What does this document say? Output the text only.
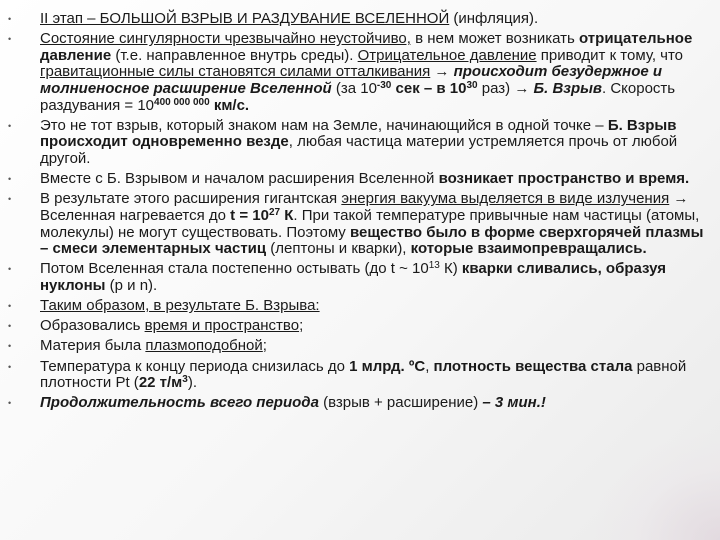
• II этап – БОЛЬШОЙ ВЗРЫВ И РАЗДУВАНИЕ ВСЕЛЕННОЙ (инфляция).
• Состояние сингулярности чрезвычайно неустойчиво, в нем может возникать отрицательное давление (т.е. направленное внутрь среды). Отрицательное давление приводит к тому, что гравитационные силы становятся силами отталкивания → происходит безудержное и молниеносное расширение Вселенной (за $10^{-30}$ сек – в $10^{30}$ раз) → Б. Взрыв. Скорость раздувания = $10^{400 000 000}$ км/с.
• Это не тот взрыв, который знаком нам на Земле, начинающийся в одной точке – Б. Взрыв происходит одновременно везде, любая частица материи устремляется прочь от любой другой.
• Вместе с Б. Взрывом и началом расширения Вселенной возникает пространство и время.
• В результате этого расширения гигантская энергия вакуума выделяется в виде излучения → Вселенная нагревается до $t = 10^{27}$ К. При такой температуре привычные нам частицы (атомы, молекулы) не могут существовать. Поэтому вещество было в форме сверхгорячей плазмы – смеси элементарных частиц (лептоны и кварки), которые взаимопревращались.
• Потом Вселенная стала постепенно остывать (до t ~ $10^{13}$ К) кварки сливались, образуя нуклоны (p и n).
• Таким образом, в результате Б. Взрыва:
• Образовались время и пространство;
• Материя была плазмоподобной;
• Температура к концу периода снизилась до 1 млрд. ºС, плотность вещества стала равной плотности Pt (22 $т/м^3$).
• Продолжительность всего периода (взрыв + расширение) – 3 мин.!
